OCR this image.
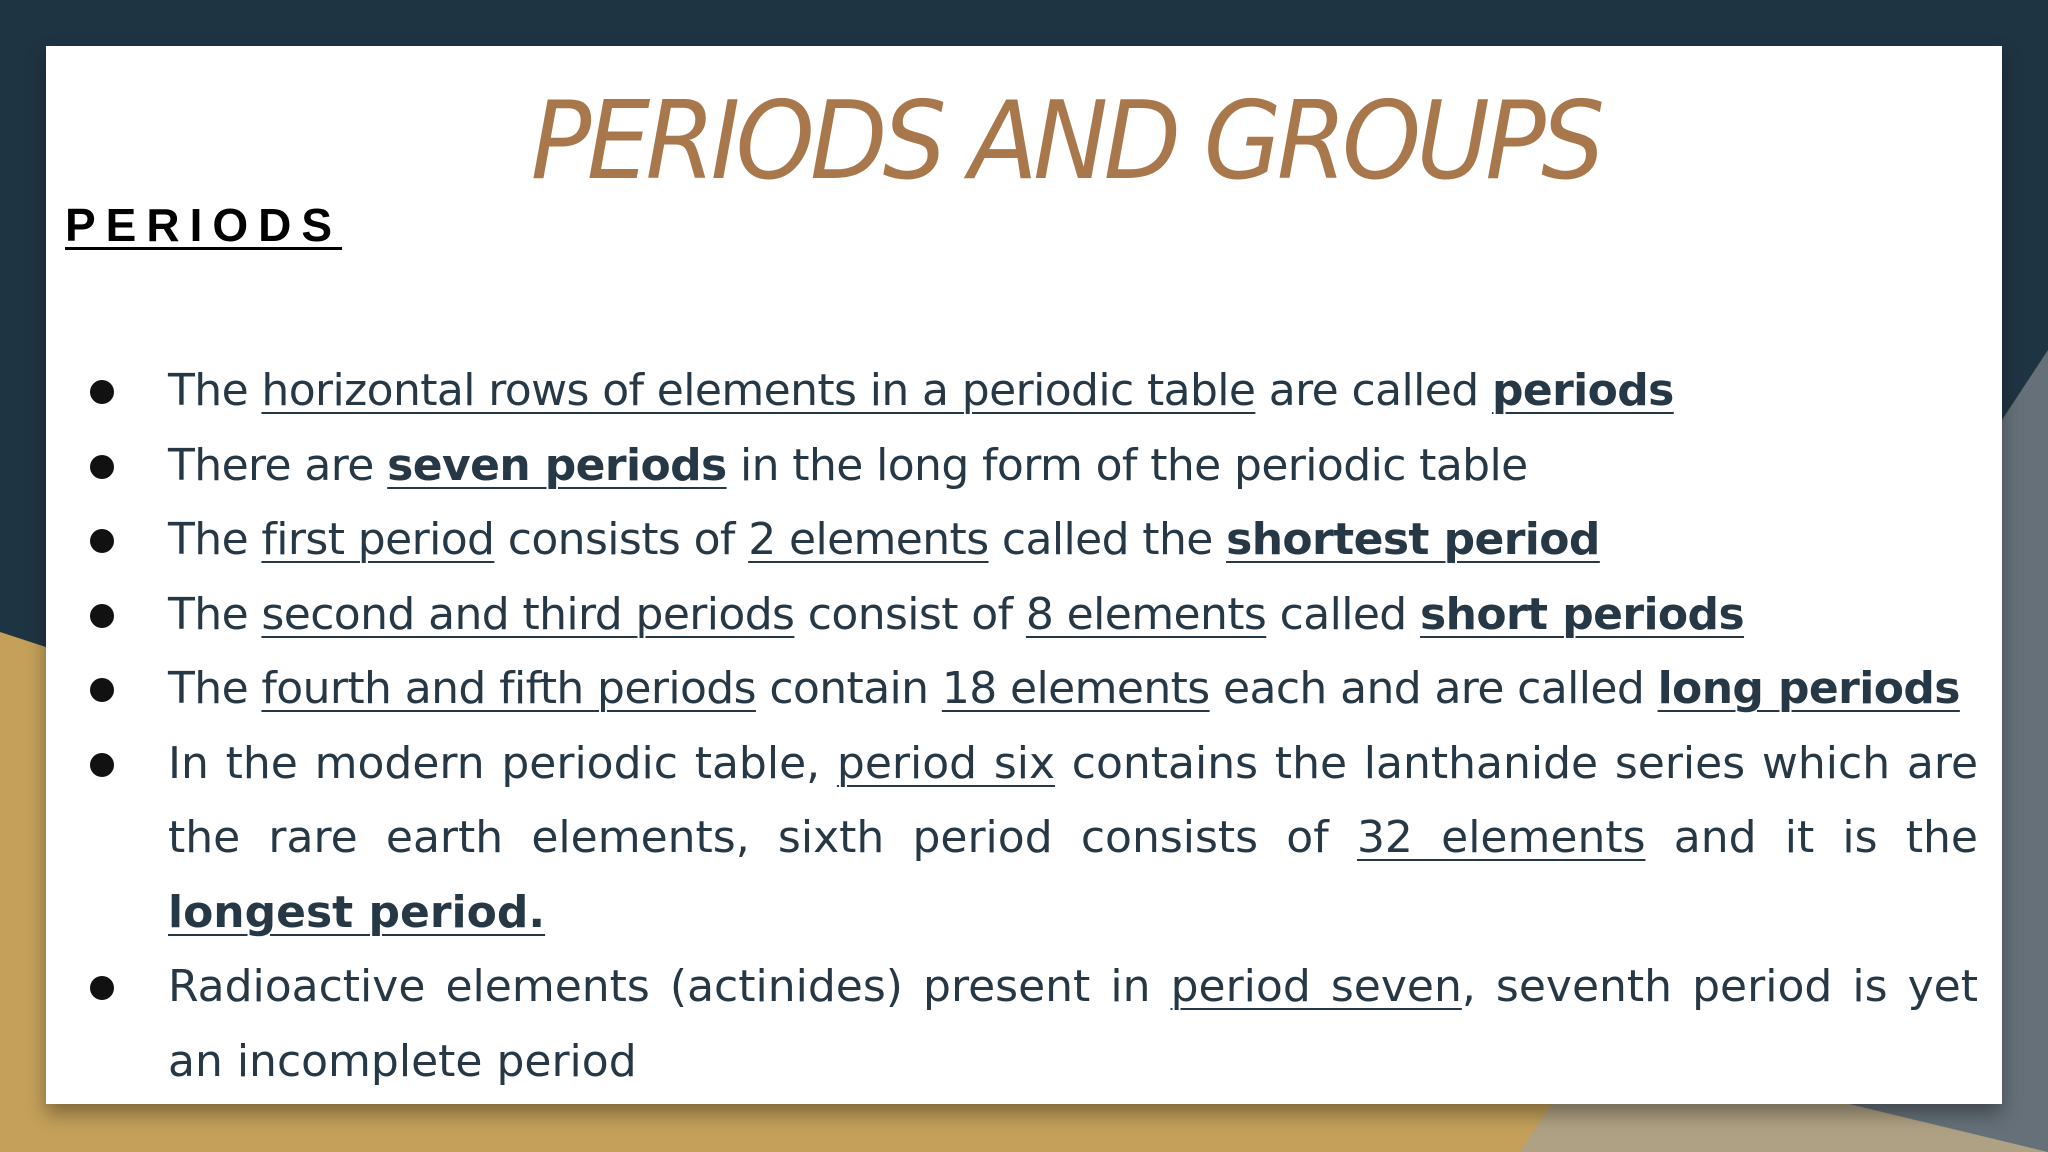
PERIODS AND GROUPS
PERIODS
The horizontal rows of elements in a periodic table are called periods
There are seven periods in the long form of the periodic table
The first period consists of 2 elements called the shortest period
The second and third periods consist of 8 elements called short periods
The fourth and fifth periods contain 18 elements each and are called long periods
In the modern periodic table, period six contains the lanthanide series which are the rare earth elements, sixth period consists of 32 elements and it is the longest period.
Radioactive elements (actinides) present in period seven, seventh period is yet an incomplete period
